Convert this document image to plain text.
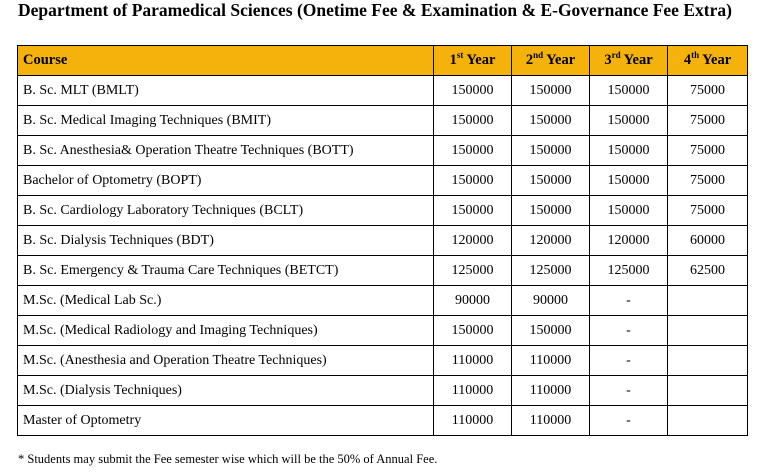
Department of Paramedical Sciences (Onetime Fee & Examination & E-Governance Fee Extra)
Course	1st Year	2nd Year	3rd Year	4th Year
B. Sc. MLT (BMLT)	150000	150000	150000	75000
B. Sc. Medical Imaging Techniques (BMIT)	150000	150000	150000	75000
B. Sc. Anesthesia& Operation Theatre Techniques (BOTT)	150000	150000	150000	75000
Bachelor of Optometry (BOPT)	150000	150000	150000	75000
B. Sc. Cardiology Laboratory Techniques (BCLT)	150000	150000	150000	75000
B. Sc. Dialysis Techniques (BDT)	120000	120000	120000	60000
B. Sc. Emergency & Trauma Care Techniques (BETCT)	125000	125000	125000	62500
M.Sc. (Medical Lab Sc.)	90000	90000	-	
M.Sc. (Medical Radiology and Imaging Techniques)	150000	150000	-	
M.Sc. (Anesthesia and Operation Theatre Techniques)	110000	110000	-	
M.Sc. (Dialysis Techniques)	110000	110000	-	
Master of Optometry	110000	110000	-	
* Students may submit the Fee semester wise which will be the 50% of Annual Fee.
